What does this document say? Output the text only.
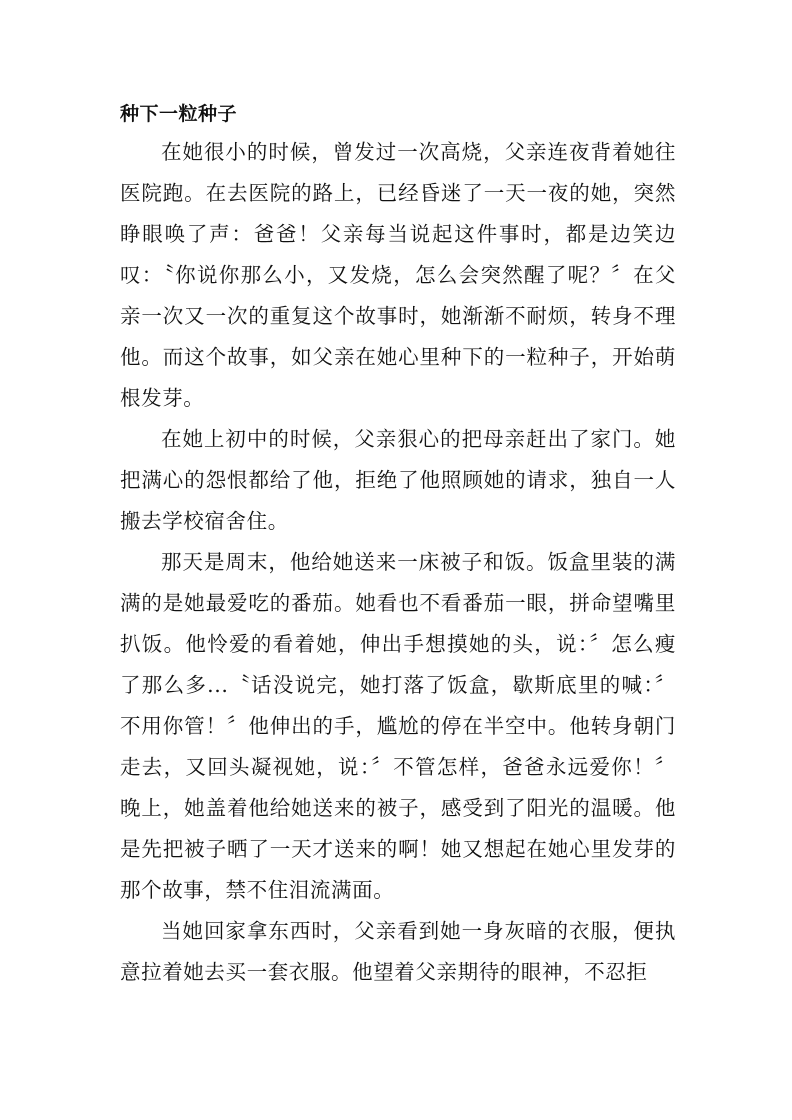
种下一粒种子

在她很小的时候，曾发过一次高烧，父亲连夜背着她往医院跑。在去医院的路上，已经昏迷了一天一夜的她，突然睁眼唤了声：爸爸！父亲每当说起这件事时，都是边笑边叹：〝你说你那么小，又发烧，怎么会突然醒了呢？〞在父亲一次又一次的重复这个故事时，她渐渐不耐烦，转身不理他。而这个故事，如父亲在她心里种下的一粒种子，开始萌根发芽。

在她上初中的时候，父亲狠心的把母亲赶出了家门。她把满心的怨恨都给了他，拒绝了他照顾她的请求，独自一人搬去学校宿舍住。

那天是周末，他给她送来一床被子和饭。饭盒里装的满满的是她最爱吃的番茄。她看也不看番茄一眼，拼命望嘴里扒饭。他怜爱的看着她，伸出手想摸她的头，说：〞怎么瘦了那么多...〝话没说完，她打落了饭盒，歇斯底里的喊：〞不用你管！〞他伸出的手，尴尬的停在半空中。他转身朝门走去，又回头凝视她，说：〞不管怎样，爸爸永远爱你！〞晚上，她盖着他给她送来的被子，感受到了阳光的温暖。他是先把被子晒了一天才送来的啊！她又想起在她心里发芽的那个故事，禁不住泪流满面。

当她回家拿东西时，父亲看到她一身灰暗的衣服，便执意拉着她去买一套衣服。他望着父亲期待的眼神，不忍拒
